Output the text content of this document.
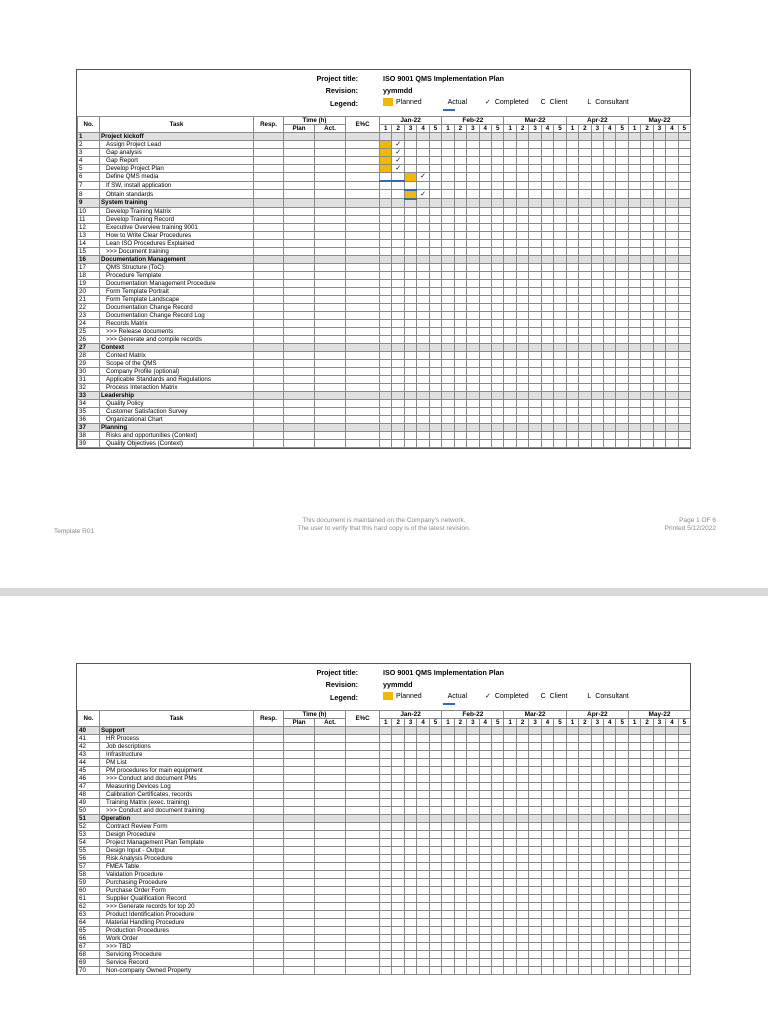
Project title:	ISO 9001 QMS Implementation Plan
Revision:	yymmdd
Legend:	Planned	Actual	✓ Completed C Client	L Consultant
No.	Task	Resp.	Time (h)		E%C	Jan-22					Feb-22					Mar-22					Apr-22					May-22				
			Plan	Act.		1	2	3	4	5	1	2	3	4	5	1	2	3	4	5	1	2	3	4	5	1	2	3	4	5
1	Project kickoff																													
2	Assign Project Lead						✓																							
3	Gap analysis						✓																							
4	Gap Report						✓																							
5	Develop Project Plan						✓																							
6	Define QMS media								✓																					
7	If SW, install application																													
8	Obtain standards								✓																					
9	System training																													
10	Develop Training Matrix																													
11	Develop Training Record																													
12	Executive Overview training 9001																													
13	How to Write Clear Procedures																													
14	Lean ISO Procedures Explained																													
15	>>> Document training																													
16	Documentation Management																													
17	QMS Structure (ToC)																													
18	Procedure Template																													
19	Documentation Management Procedure																													
20	Form Template Portrait																													
21	Form Template Landscape																													
22	Documentation Change Record																													
23	Documentation Change Record Log																													
24	Records Matrix																													
25	>>> Release documents																													
26	>>> Generate and compile records																													
27	Context																													
28	Context Matrix																													
29	Scope of the QMS																													
30	Company Profile (optional)																													
31	Applicable Standards and Regulations																													
32	Process Interaction Matrix																													
33	Leadership																													
34	Quality Policy																													
35	Customer Satisfaction Survey																													
36	Organizational Chart																													
37	Planning																													
38	Risks and opportunities (Context)																													
39	Quality Objectives (Context)																													
Template R01
This document is maintained on the Company's network.
The user to verify that this hard copy is of the latest revision.
Page 1 OF 6
Printed 5/12/2022
Project title:	ISO 9001 QMS Implementation Plan
Revision:	yymmdd
Legend:	Planned	Actual	✓ Completed C Client	L Consultant
No.	Task	Resp.	Time (h)		E%C	Jan-22					Feb-22					Mar-22					Apr-22					May-22				
			Plan	Act.		1	2	3	4	5	1	2	3	4	5	1	2	3	4	5	1	2	3	4	5	1	2	3	4	5
40	Support																													
41	HR Process																													
42	Job descriptions																													
43	Infrastructure																													
44	PM List																													
45	PM procedures for main equipment																													
46	>>> Conduct and document PMs																													
47	Measuring Devices Log																													
48	Calibration Certificates, records																													
49	Training Matrix (exec. training)																													
50	>>> Conduct and document training																													
51	Operation																													
52	Contract Review Form																													
53	Design Procedure																													
54	Project Management Plan Template																													
55	Design Input - Output																													
56	Risk Analysis Procedure																													
57	FMEA Table																													
58	Validation Procedure																													
59	Purchasing Procedure																													
60	Purchase Order Form																													
61	Supplier Qualification Record																													
62	>>> Generate records for top 20																													
63	Product Identification Procedure																													
64	Material Handling Procedure																													
65	Production Procedures																													
66	Work Order																													
67	>>> TBD																													
68	Servicing Procedure																													
69	Service Record																													
70	Non-company Owned Property																													
